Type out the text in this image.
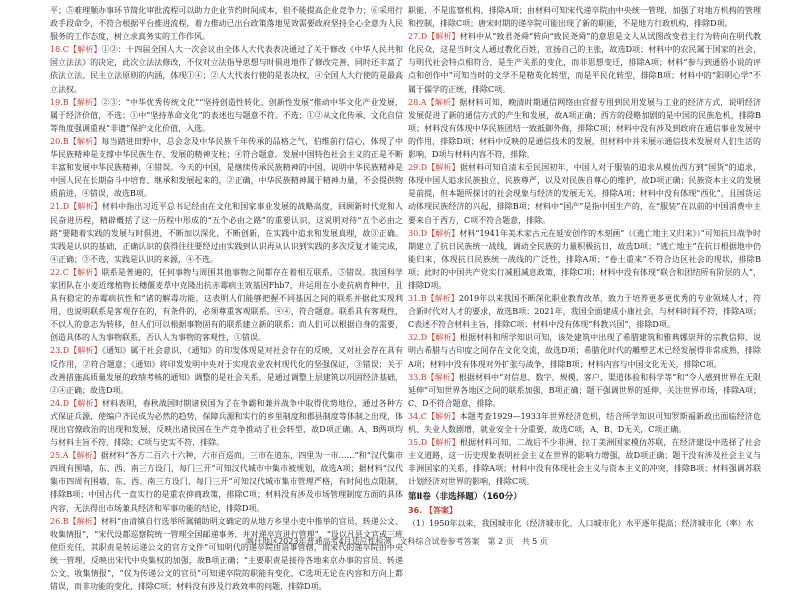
平；⑤难理顺办事环节简化审批流程可以助力企业节约时间成本，但不能提高企业竞争力；⑥采用行政手段命令，不符合根据平台推进流程，着力推动已出台政策落地见效需要政府坚持全心全意为人民服务的工作态度，树立求真务实的工作作风。

18.C【解析】①②：十四届全国人大一次会议由全体人大代表表决通过了关于修改《中华人民共和国立法法》的决定，此次立法法修改，不仅对立法指导思想与时俱进地作了修改完善，同时还丰富了依法立法、民主立法原则的内涵，体现①④；②人大代表行使的是表决权，④全国人大行使的是最高立法权。

19.B【解析】②③：“中华优秀传统文化”“坚持创造性转化、创新性发展”推动中华文化产业发展，属于经济价值，不选；①中“坚持革命文化”的表述也与题意不符。不选；①②从文化传承、文化自信等角度强调重视“非遗”保护文化价值，入选。

20.B【解析】每当踏进田野中，总会念及中华民族千年传承的品格之气，伯维前行信心，体现了中华民族精神是支撑中华民族生存、发展的精神支柱；④符合题意。发展中国特色社会主义的正是不断丰富和发展中华民族精神，④错误。今天的中国，是继续传承民族精神的中国，说明中华民族精神是中国人民在长期奋斗中培育、继承和发展起来的，②正确，中华民族精神属于精神力量，不会提供物质前进，④错误，故选B项。

21.D【解析】材料中指出习近平总书记经由在文化和国家事业发展的战略高度，回顾新时代党和人民奋进历程，精辟概括了这一历程中形成的“五个必由之路”的重要认识，这说明对待“五个必由之路”要随着实践的发展与时俱进，不断加以深化，不断创新，在实践中追求和发展真理，故③正确。实践是认识的基础，正确认识的获得往往要经过由实践到认识再从认识到实践的多次反复才能完成，④正确；③不选，实践是认识的来源，④不选。

22.C【解析】联系是普遍的，任何事物与周围其他事物之间都存在着相互联系，⑤错误。我国科学家团队在小麦近缘植物长穗偃麦草中克隆出抗赤霉病主效基因Fhb7，并运用在小麦抗病育种中，且具有稳定的赤霉病抗性和“诸的解毒功能，这表明人们能够把握不同基因之间的联系并据此实现利用，也说明联系是客观存在的，有条件的，必须尊重客观联系。④④、符合题意。联系具有客观性，不以人的意志为转移，但人们可以根据事物固有的联系建立新的联系；而人们可以根据自身的需要，创造具体的人为事物联系，否认人为事物的客观性，①错误。

23.D【解析】《通知》属于社会意识，《通知》的印发体现是对社会存在的反映，又对社会存在具有反作用，②符合题意；《通知》将印发发明中央对于实现农业农村现代化的坚强保证，③错误；关于改善措施高质量发展的政绩考核的通知》调整的是社会关系，是通过调整上层建筑以巩固经济基础，②④正确；故选D项。

24.D【解析】材料表明，春秋战国时期诸侯国为了在争霸和兼并战争中取得优势地位，通过各种方式保证兵源，使编户齐民成为必然的趋势，保障兵源和实行的乡里制度和郡县制度等体制之出现，体现出官僚政治的出现和发展，反映出诸侯国在生产竞争推动了社会转型，故D项正确。A、B两项均与材料主旨不符，排除；C项与史实不符，排除。

25.A【解析】据材料“各方二百六十六种，六市百巡而，三市在道东，四里为一市……”和“汉代集市四周有围墙，东、西、南三方设门，每门三开”可知汉代城市中集市被规划，故选A项；据材料“汉代集市四周有围墙，东、西、南三方设门，每门三开”可知汉代城市集市管理严格，有时间也点限制，排除B项；中国古代一直实行的是重农抑商政策，排除C项；材料没有涉及市场管理制度方面的具体内容，无法得出市场兼具经济和军事功能的结论，排除D项。

26.B【解析】材料“由清镇自行选举所属辅助明文确定的从地方乡里小吏中推举的官员，转递公文、收集情报”，“宋代设都巡察院统一管理全国邮递事务，并对递卒宣进行管理”，“设以凡县文官或三班使臣充任，其职责是转运递公文的官方文件”可知明代的递卒院由谙事管辖，而宋代的递卒院由中央统一管理，反映出宋代中央集权的加强，故B项正确；“主要职责是接待各地来京办事的官员、转递公文、收集情报”，“仅为传递公文的官员”可知递卒院的职能有变化，C选项无论在内容和方向上都错误，而非功能的变化，排除C项；材料没有涉及行政效率的问题，排除D项。

职能，不是监察机构，排除A项；由材料可知宋代递卒院由中央统一管理，加强了对地方机构的管理和控制，排除C项；唐宋时期的递卒院可能出现了新的职能，不是地方行政机构，排除D项。

27.D【解析】材料中从“致君尧舜”转向“致民尧舜”的意思是文人从试图改变君主行为转向在明代教化民众，这是当时文人通过教化百姓，宣扬自己的主张，故选D项；材料中的农民属于国家的社会，与明代社会特点相符合，是生产关系的变化，而非思想变迁，排除A项；材料“参与到通俗小说的评点和创作中”可知当时的文学不是精英化转型，而是平民化转型，排除B项；材料中的“阳明心学”不属于儒学的正统，排除C项。

28.A【解析】据材料可知，晚清时期通信网络由官督专用到民用发展与工业的经济方式，说明经济发展促进了新的通信方式的产生和发展，故A项正确；西方的侵略加剧的是中国的民族危机，排除B项；材料没有体现中华民族团结一致抵御外侮，排除C项；材料中没有涉及到政府在通信事业发展中的作用，排除D项；材料中反映的是通信技术的发展，但材料中并未展示通信技术发展对人们生活的影响，D项与材料内容不符，排除。

29.D【解析】据材料可知自清末至民国初年，中国人对于服装的追求从模仿西方到“国货”的追求，体现中国人追求民族独立、民族尊严，以及对民族自尊心的维护，故D项正确；民族资本主义的发展是前提，但本题所探讨的社会现象与经济的发展无关，排除A项；材料中没有体现“西化”，且国货运动体现民族经济的兴起，排除B项；材料中“国产”是指中国生产的，在“服装”在以前的中国消费中主要来自于西方，C项不符合题意，排除。

30.D【解析】材料“1941年美术家古元在延安创作的木刻画”（《逃亡地主又归来》）”可知抗日战争时期建立了抗日民族统一战线，调动全民族的力量积极抗日，故选D项；“逃亡地主”在抗日根据地中仍能归来，体现抗日民族统一战线的广泛性，排除A项；“卷土重来”不符合边区社会的现状，排除B项；此时的中国共产党实行减租减息政策，排除C项；材料中没有体现“联合和团结所有阶层的人”，排除D项。

31.B【解析】2019年以来我国不断深化职业教育改革，致力于培养更多更优秀的专业领域人才，符合新时代对人才的要求，故选B项；2021年，我国全面建成小康社会，与材料时间不符，排除A项；C表述不符合材料主旨，排除C项；材料中没有体现“科教兴国”，排除D项。

32.D【解析】根据材料和所学知识可知，该处建筑中出现了希腊建筑和雅典娜崇拜的宗教信仰，说明古希腊与古印度之间存在文化交流，故选D项；希腊化时代的雕塑艺术已经发展得非常成熟，排除A项；材料中没有体现对外扩张与战争，排除B项；材料内容与中国文化无关，排除C项。

33.B【解析】根据材料中“对信息、数字、规模、客户、渠道体验和科学等”和“令人感到世界在无限延伸”可知世界各地区之间的联系加强，B项正确；题干强调世界的延伸，关注世界市场，排除A项；C、D不符合题意，排除。

34.C【解析】本题考查1929—1933年世界经济危机，结合所学知识可知罗斯福新政出面临经济危机、失业人数剧增，就业安全十分重要，故选C项，A、B、D无关，C项正确。

35.D【解析】根据材料可知，二战后不少非洲、拉丁美洲国家模仿苏联，在经济建设中选择了社会主义道路，这一历史现象表明社会主义在世界的影响力增强，故D项正确；题干没有涉及社会主义与非洲国家的关系，排除A项；材料中没有体现社会主义与资本主义的冲突，排除B项；材料强调苏联计划经济对世界的影响，排除C项。

第Ⅱ卷（非选择题）（160分）

36. 【答案】

（1）1950年以来，我国城市化（经济城市化、人口城市化）水平逐年提高；经济城市化（率）水

喀什地区2023年普通高考4月适应性检测　文科综合试卷参考答案　第 2 页　共 5 页
